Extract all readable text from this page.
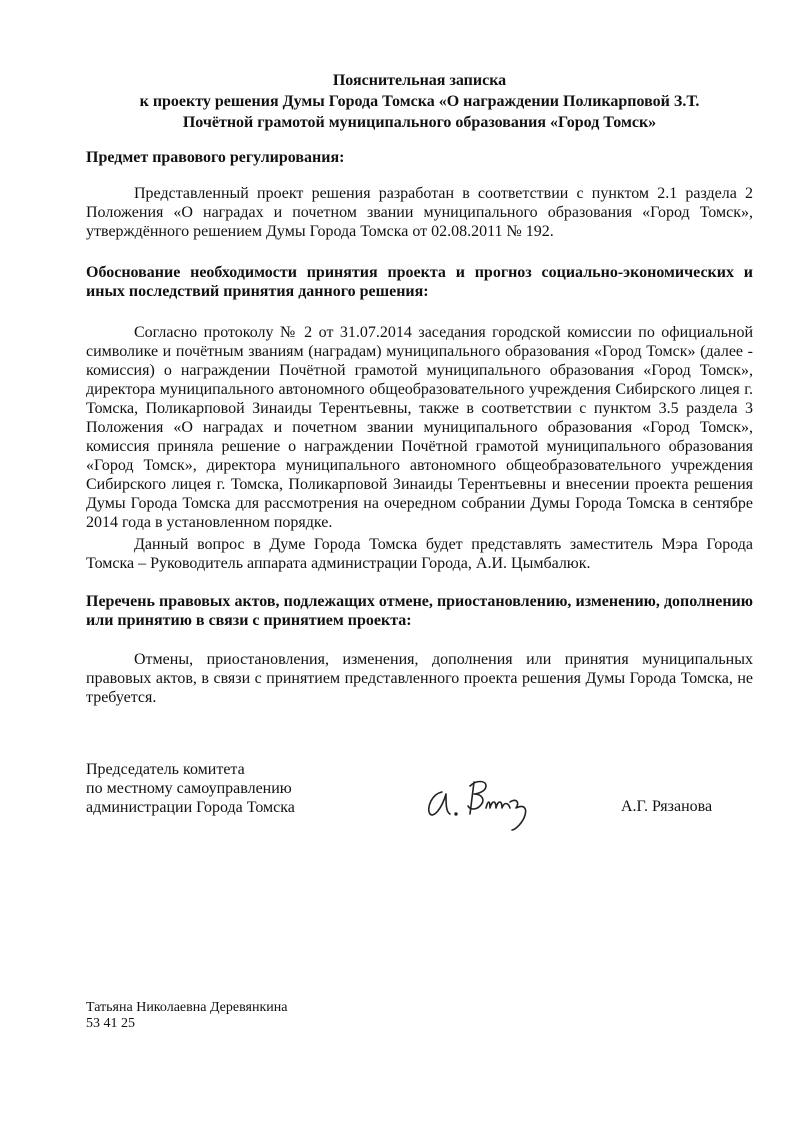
Пояснительная записка
к проекту решения Думы Города Томска «О награждении Поликарповой З.Т.
Почётной грамотой муниципального образования «Город Томск»
Предмет правового регулирования:

Представленный проект решения разработан в соответствии с пунктом 2.1 раздела 2 Положения «О наградах и почетном звании муниципального образования «Город Томск», утверждённого решением Думы Города Томска от 02.08.2011 № 192.

Обоснование необходимости принятия проекта и прогноз социально-экономических и иных последствий принятия данного решения:

Согласно протоколу № 2 от 31.07.2014 заседания городской комиссии по официальной символике и почётным званиям (наградам) муниципального образования «Город Томск» (далее - комиссия) о награждении Почётной грамотой муниципального образования «Город Томск», директора муниципального автономного общеобразовательного учреждения Сибирского лицея г. Томска, Поликарповой Зинаиды Терентьевны, также в соответствии с пунктом 3.5 раздела 3 Положения «О наградах и почетном звании муниципального образования «Город Томск», комиссия приняла решение о награждении Почётной грамотой муниципального образования «Город Томск», директора муниципального автономного общеобразовательного учреждения Сибирского лицея г. Томска, Поликарповой Зинаиды Терентьевны и внесении проекта решения Думы Города Томска для рассмотрения на очередном собрании Думы Города Томска в сентябре 2014 года в установленном порядке.

Данный вопрос в Думе Города Томска будет представлять заместитель Мэра Города Томска – Руководитель аппарата администрации Города, А.И. Цымбалюк.

Перечень правовых актов, подлежащих отмене, приостановлению, изменению, дополнению или принятию в связи с принятием проекта:

Отмены, приостановления, изменения, дополнения или принятия муниципальных правовых актов, в связи с принятием представленного проекта решения Думы Города Томска, не требуется.

Председатель комитета
по местному самоуправлению
администрации Города Томска	А.Г. Рязанова
Татьяна Николаевна Деревянкина
53 41 25
